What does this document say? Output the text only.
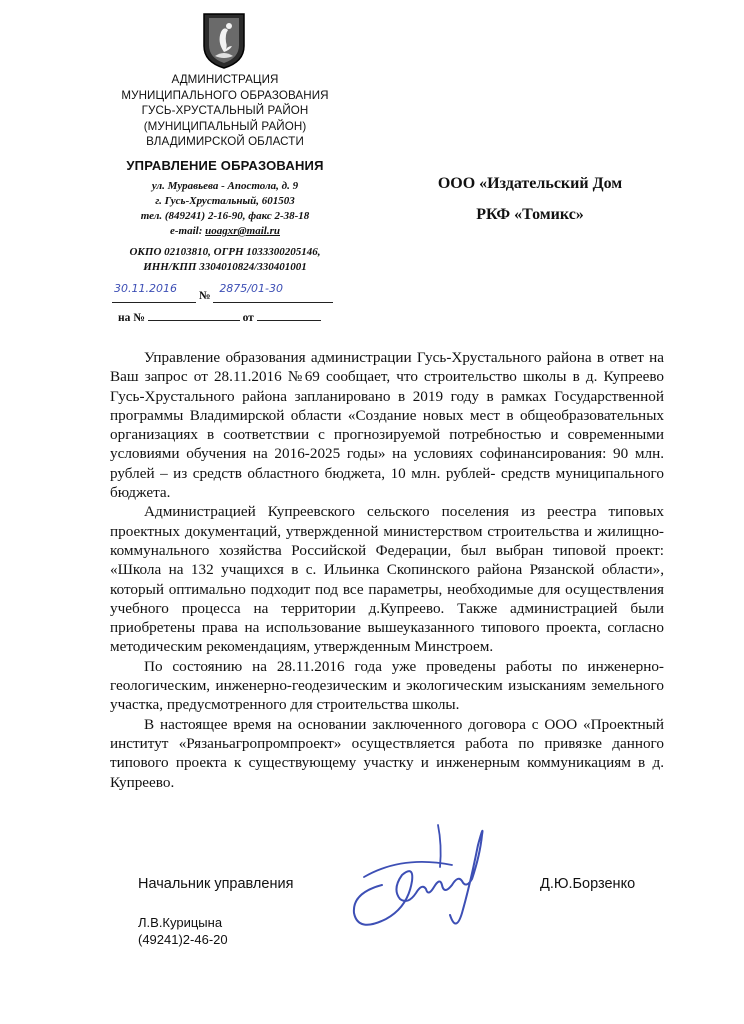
АДМИНИСТРАЦИЯ
МУНИЦИПАЛЬНОГО ОБРАЗОВАНИЯ
ГУСЬ-ХРУСТАЛЬНЫЙ РАЙОН
(МУНИЦИПАЛЬНЫЙ РАЙОН)
ВЛАДИМИРСКОЙ ОБЛАСТИ
УПРАВЛЕНИЕ ОБРАЗОВАНИЯ
ул. Муравьева - Апостола, д. 9
г. Гусь-Хрустальный, 601503
тел. (849241) 2-16-90, факс 2-38-18
e-mail: uoagxr@mail.ru
ОКПО 02103810, ОГРН 1033300205146,
ИНН/КПП 3304010824/330401001
30.11.2016
№
2875/01-30

на №	от
ООО «Издательский Дом
РКФ «Томикс»

Управление образования администрации Гусь-Хрустального района в ответ на Ваш запрос от 28.11.2016 №69 сообщает, что строительство школы в д. Купреево Гусь-Хрустального района запланировано в 2019 году в рамках Государственной программы Владимирской области «Создание новых мест в общеобразовательных организациях в соответствии с прогнозируемой потребностью и современными условиями обучения на 2016-2025 годы» на условиях софинансирования: 90 млн. рублей – из средств областного бюджета, 10 млн. рублей- средств муниципального бюджета.

Администрацией Купреевского сельского поселения из реестра типовых проектных документаций, утвержденной министерством строительства и жилищно-коммунального хозяйства Российской Федерации, был выбран типовой проект: «Школа на 132 учащихся в с. Ильинка Скопинского района Рязанской области», который оптимально подходит под все параметры, необходимые для осуществления учебного процесса на территории д.Купреево. Также администрацией были приобретены права на использование вышеуказанного типового проекта, согласно методическим рекомендациям, утвержденным Минстроем.

По состоянию на 28.11.2016 года уже проведены работы по инженерно-геологическим, инженерно-геодезическим и экологическим изысканиям земельного участка, предусмотренного для строительства школы.

В настоящее время на основании заключенного договора с ООО «Проектный институт «Рязаньагропромпроект» осуществляется работа по привязке данного типового проекта к существующему участку и инженерным коммуникациям в д. Купреево.

Начальник управления	Д.Ю.Борзенко
Л.В.Курицына
(49241)2-46-20
